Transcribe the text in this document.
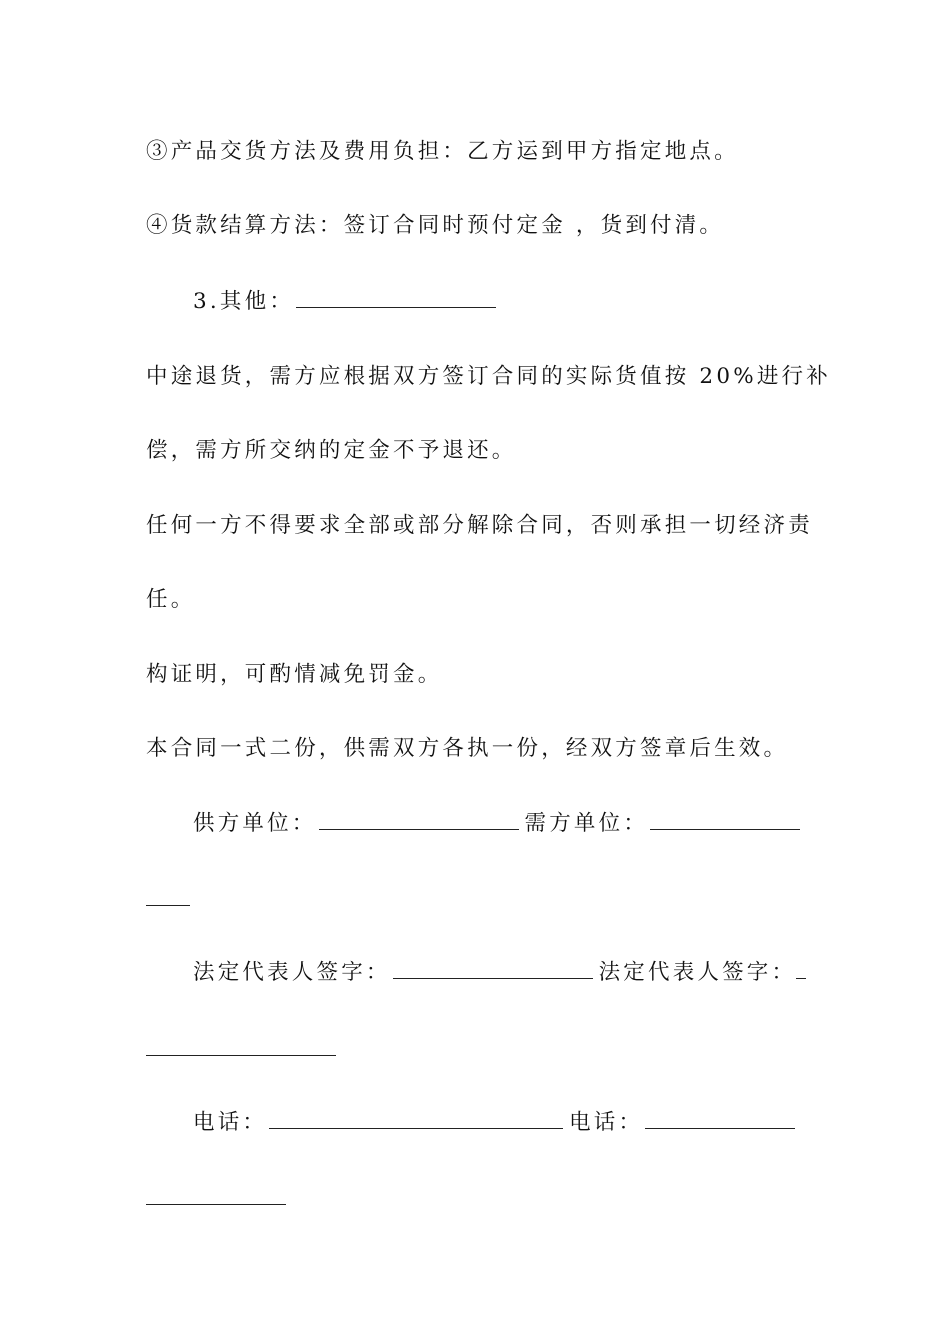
③产品交货方法及费用负担：乙方运到甲方指定地点。
④货款结算方法：签订合同时预付定金 ，货到付清。
3.其他：
中途退货，需方应根据双方签订合同的实际货值按 20%进行补
偿，需方所交纳的定金不予退还。
任何一方不得要求全部或部分解除合同，否则承担一切经济责
任。
构证明，可酌情减免罚金。
本合同一式二份，供需双方各执一份，经双方签章后生效。
供方单位：	需方单位：
法定代表人签字：	法定代表人签字：
电话：	电话：
